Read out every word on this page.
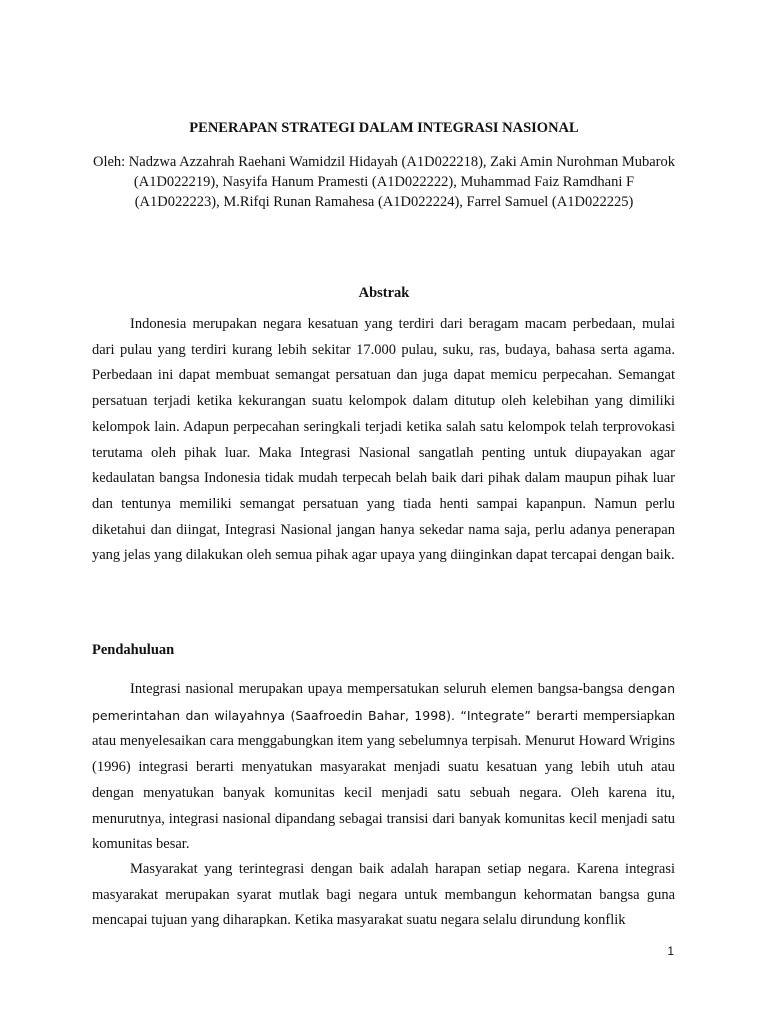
PENERAPAN STRATEGI DALAM INTEGRASI NASIONAL
Oleh: Nadzwa Azzahrah Raehani Wamidzil Hidayah (A1D022218), Zaki Amin Nurohman Mubarok (A1D022219), Nasyifa Hanum Pramesti (A1D022222), Muhammad Faiz Ramdhani F (A1D022223), M.Rifqi Runan Ramahesa (A1D022224), Farrel Samuel (A1D022225)
Abstrak

Indonesia merupakan negara kesatuan yang terdiri dari beragam macam perbedaan, mulai dari pulau yang terdiri kurang lebih sekitar 17.000 pulau, suku, ras, budaya, bahasa serta agama. Perbedaan ini dapat membuat semangat persatuan dan juga dapat memicu perpecahan. Semangat persatuan terjadi ketika kekurangan suatu kelompok dalam ditutup oleh kelebihan yang dimiliki kelompok lain. Adapun perpecahan seringkali terjadi ketika salah satu kelompok telah terprovokasi terutama oleh pihak luar. Maka Integrasi Nasional sangatlah penting untuk diupayakan agar kedaulatan bangsa Indonesia tidak mudah terpecah belah baik dari pihak dalam maupun pihak luar dan tentunya memiliki semangat persatuan yang tiada henti sampai kapanpun. Namun perlu diketahui dan diingat, Integrasi Nasional jangan hanya sekedar nama saja, perlu adanya penerapan yang jelas yang dilakukan oleh semua pihak agar upaya yang diinginkan dapat tercapai dengan baik.

Pendahuluan

Integrasi nasional merupakan upaya mempersatukan seluruh elemen bangsa-bangsa dengan pemerintahan dan wilayahnya (Saafroedin Bahar, 1998). “Integrate” berarti mempersiapkan atau menyelesaikan cara menggabungkan item yang sebelumnya terpisah. Menurut Howard Wrigins (1996) integrasi berarti menyatukan masyarakat menjadi suatu kesatuan yang lebih utuh atau dengan menyatukan banyak komunitas kecil menjadi satu sebuah negara. Oleh karena itu, menurutnya, integrasi nasional dipandang sebagai transisi dari banyak komunitas kecil menjadi satu komunitas besar.

Masyarakat yang terintegrasi dengan baik adalah harapan setiap negara. Karena integrasi masyarakat merupakan syarat mutlak bagi negara untuk membangun kehormatan bangsa guna mencapai tujuan yang diharapkan. Ketika masyarakat suatu negara selalu dirundung konflik

1
